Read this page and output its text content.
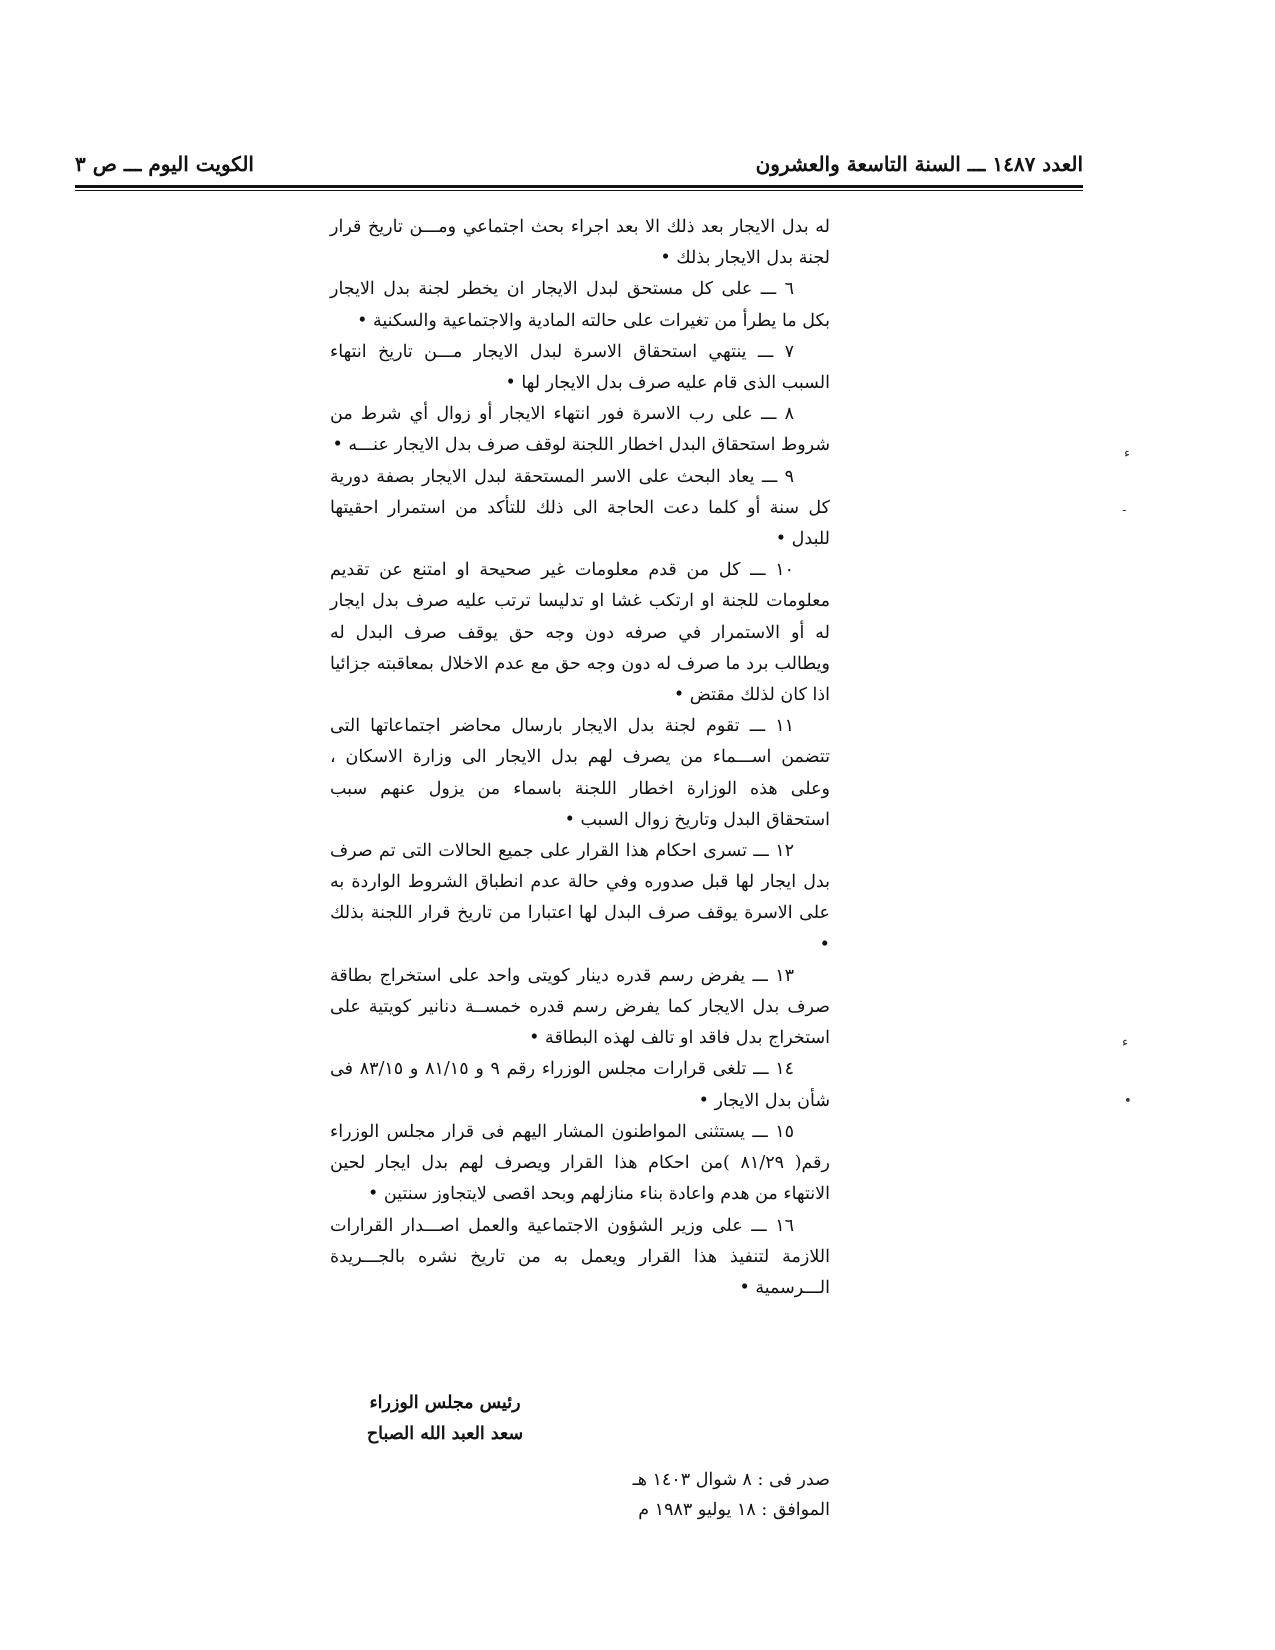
العدد ١٤٨٧ ـــ السنة التاسعة والعشرون
الكويت اليوم ـــ ص ٣

له بدل الايجار بعد ذلك الا بعد اجراء بحث اجتماعي ومـــن تاريخ قرار لجنة بدل الايجار بذلك •

٦ ـــ على كل مستحق لبدل الايجار ان يخطر لجنة بدل الايجار بكل ما يطرأ من تغيرات على حالته المادية والاجتماعية والسكنية •

٧ ـــ ينتهي استحقاق الاسرة لبدل الايجار مـــن تاريخ انتهاء السبب الذى قام عليه صرف بدل الايجار لها •

٨ ـــ على رب الاسرة فور انتهاء الايجار أو زوال أي شرط من شروط استحقاق البدل اخطار اللجنة لوقف صرف بدل الايجار عنـــه •

٩ ـــ يعاد البحث على الاسر المستحقة لبدل الايجار بصفة دورية كل سنة أو كلما دعت الحاجة الى ذلك للتأكد من استمرار احقيتها للبدل •

١٠ ـــ كل من قدم معلومات غير صحيحة او امتنع عن تقديم معلومات للجنة او ارتكب غشا او تدليسا ترتب عليه صرف بدل ايجار له أو الاستمرار في صرفه دون وجه حق يوقف صرف البدل له ويطالب برد ما صرف له دون وجه حق مع عدم الاخلال بمعاقبته جزائيا اذا كان لذلك مقتض •

١١ ـــ تقوم لجنة بدل الايجار بارسال محاضر اجتماعاتها التى تتضمن اســـماء من يصرف لهم بدل الايجار الى وزارة الاسكان ، وعلى هذه الوزارة اخطار اللجنة باسماء من يزول عنهم سبب استحقاق البدل وتاريخ زوال السبب •

١٢ ـــ تسرى احكام هذا القرار على جميع الحالات التى تم صرف بدل ايجار لها قبل صدوره وفي حالة عدم انطباق الشروط الواردة به على الاسرة يوقف صرف البدل لها اعتبارا من تاريخ قرار اللجنة بذلك •

١٣ ـــ يفرض رسم قدره دينار كويتى واحد على استخراج بطاقة صرف بدل الايجار كما يفرض رسم قدره خمســة دنانير كويتية على استخراج بدل فاقد او تالف لهذه البطاقة •

١٤ ـــ تلغى قرارات مجلس الوزراء رقم ٩ و ٨١/١٥ و ٨٣/١٥ فى شأن بدل الايجار •

١٥ ـــ يستثنى المواطنون المشار اليهم فى قرار مجلس الوزراء رقم( ٨١/٢٩ )من احكام هذا القرار ويصرف لهم بدل ايجار لحين الانتهاء من هدم واعادة بناء منازلهم وبحد اقصى لايتجاوز سنتين •

١٦ ـــ على وزير الشؤون الاجتماعية والعمل اصـــدار القرارات اللازمة لتنفيذ هذا القرار ويعمل به من تاريخ نشره بالجـــريدة الـــرسمية •

رئيس مجلس الوزراء
سعد العبد الله الصباح
صدر فى : ٨ شوال ١٤٠٣ هـ
الموافق : ١٨ يوليو ١٩٨٣ م
ء
-
ء
•
